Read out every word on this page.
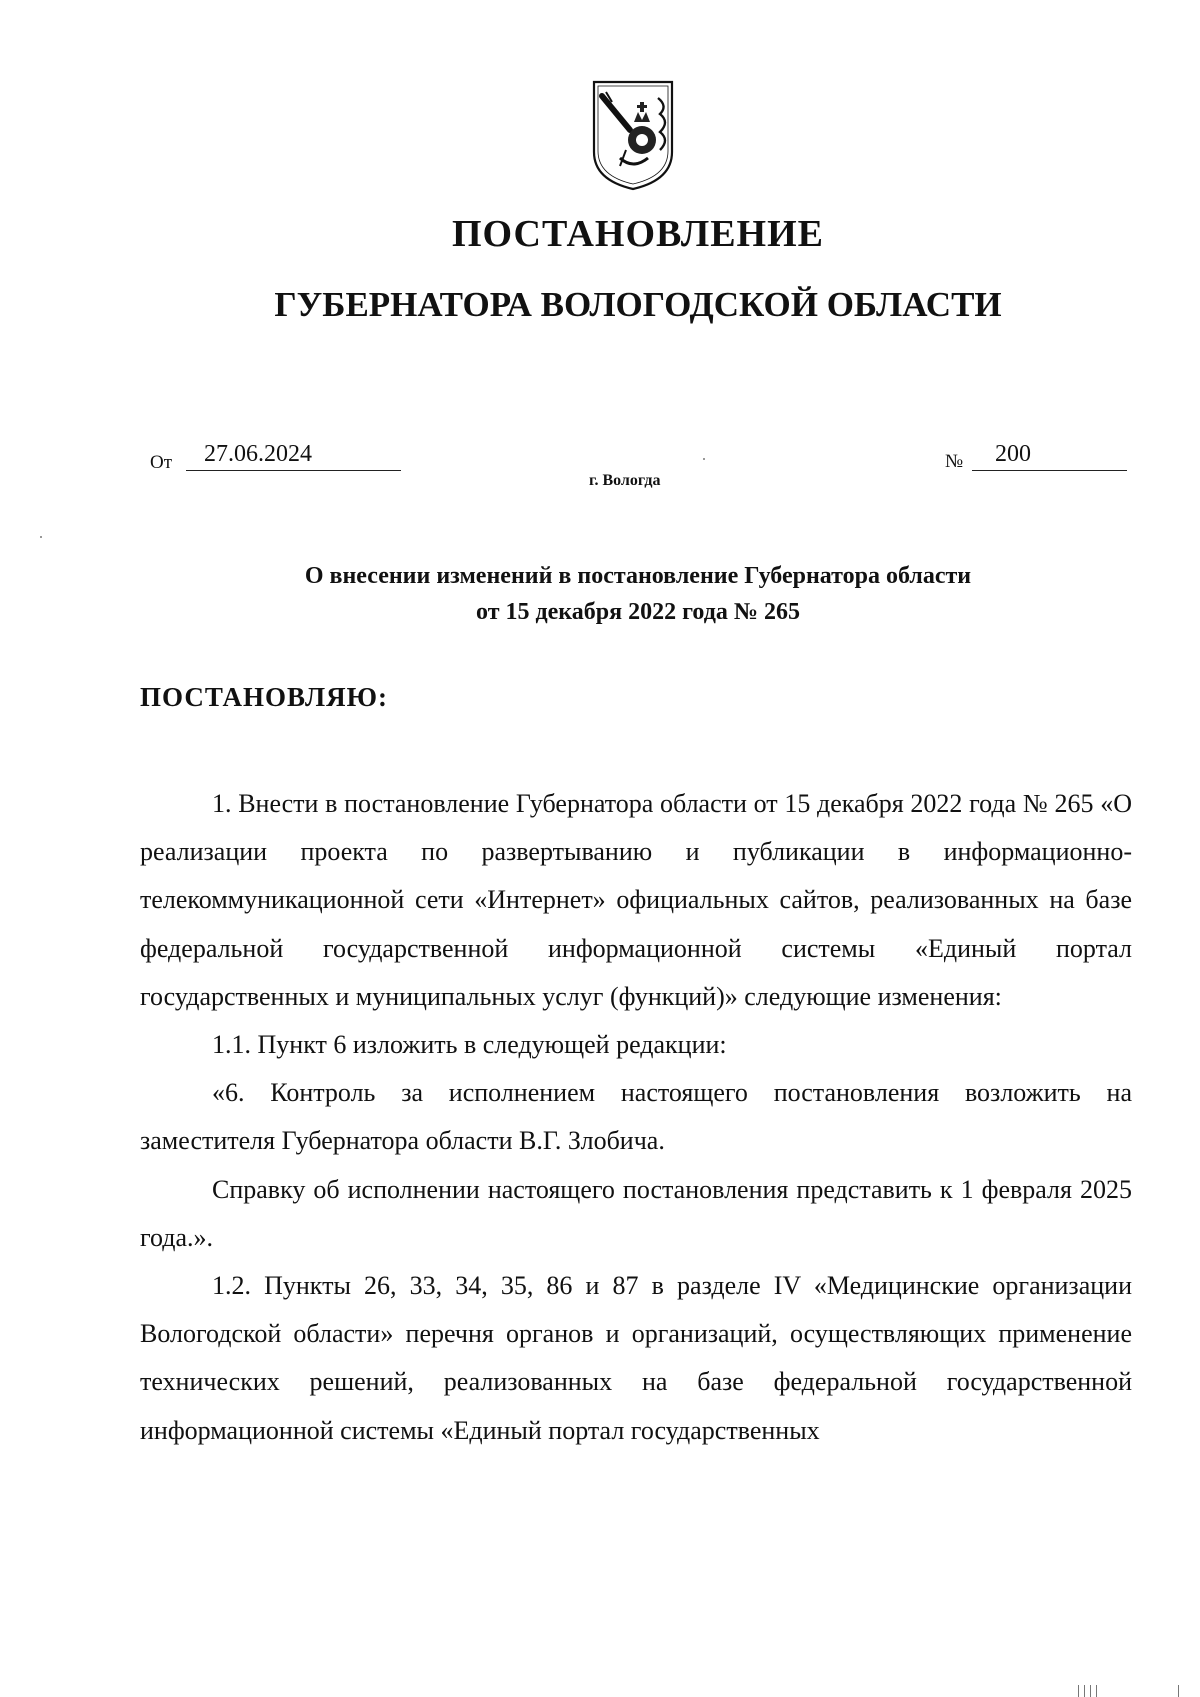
ПОСТАНОВЛЕНИЕ
ГУБЕРНАТОРА ВОЛОГОДСКОЙ ОБЛАСТИ
От 27.06.2024	№ 200
г. Вологда
О внесении изменений в постановление Губернатора области
от 15 декабря 2022 года № 265
ПОСТАНОВЛЯЮ:

1. Внести в постановление Губернатора области от 15 декабря 2022 года № 265 «О реализации проекта по развертыванию и публикации в информационно-телекоммуникационной сети «Интернет» официальных сайтов, реализованных на базе федеральной государственной информационной системы «Единый портал государственных и муниципальных услуг (функций)» следующие изменения:

1.1. Пункт 6 изложить в следующей редакции:

«6. Контроль за исполнением настоящего постановления возложить на заместителя Губернатора области В.Г. Злобича.

Справку об исполнении настоящего постановления представить к 1 февраля 2025 года.».

1.2. Пункты 26, 33, 34, 35, 86 и 87 в разделе IV «Медицинские организации Вологодской области» перечня органов и организаций, осуществляющих применение технических решений, реализованных на базе федеральной государственной информационной системы «Единый портал государственных
